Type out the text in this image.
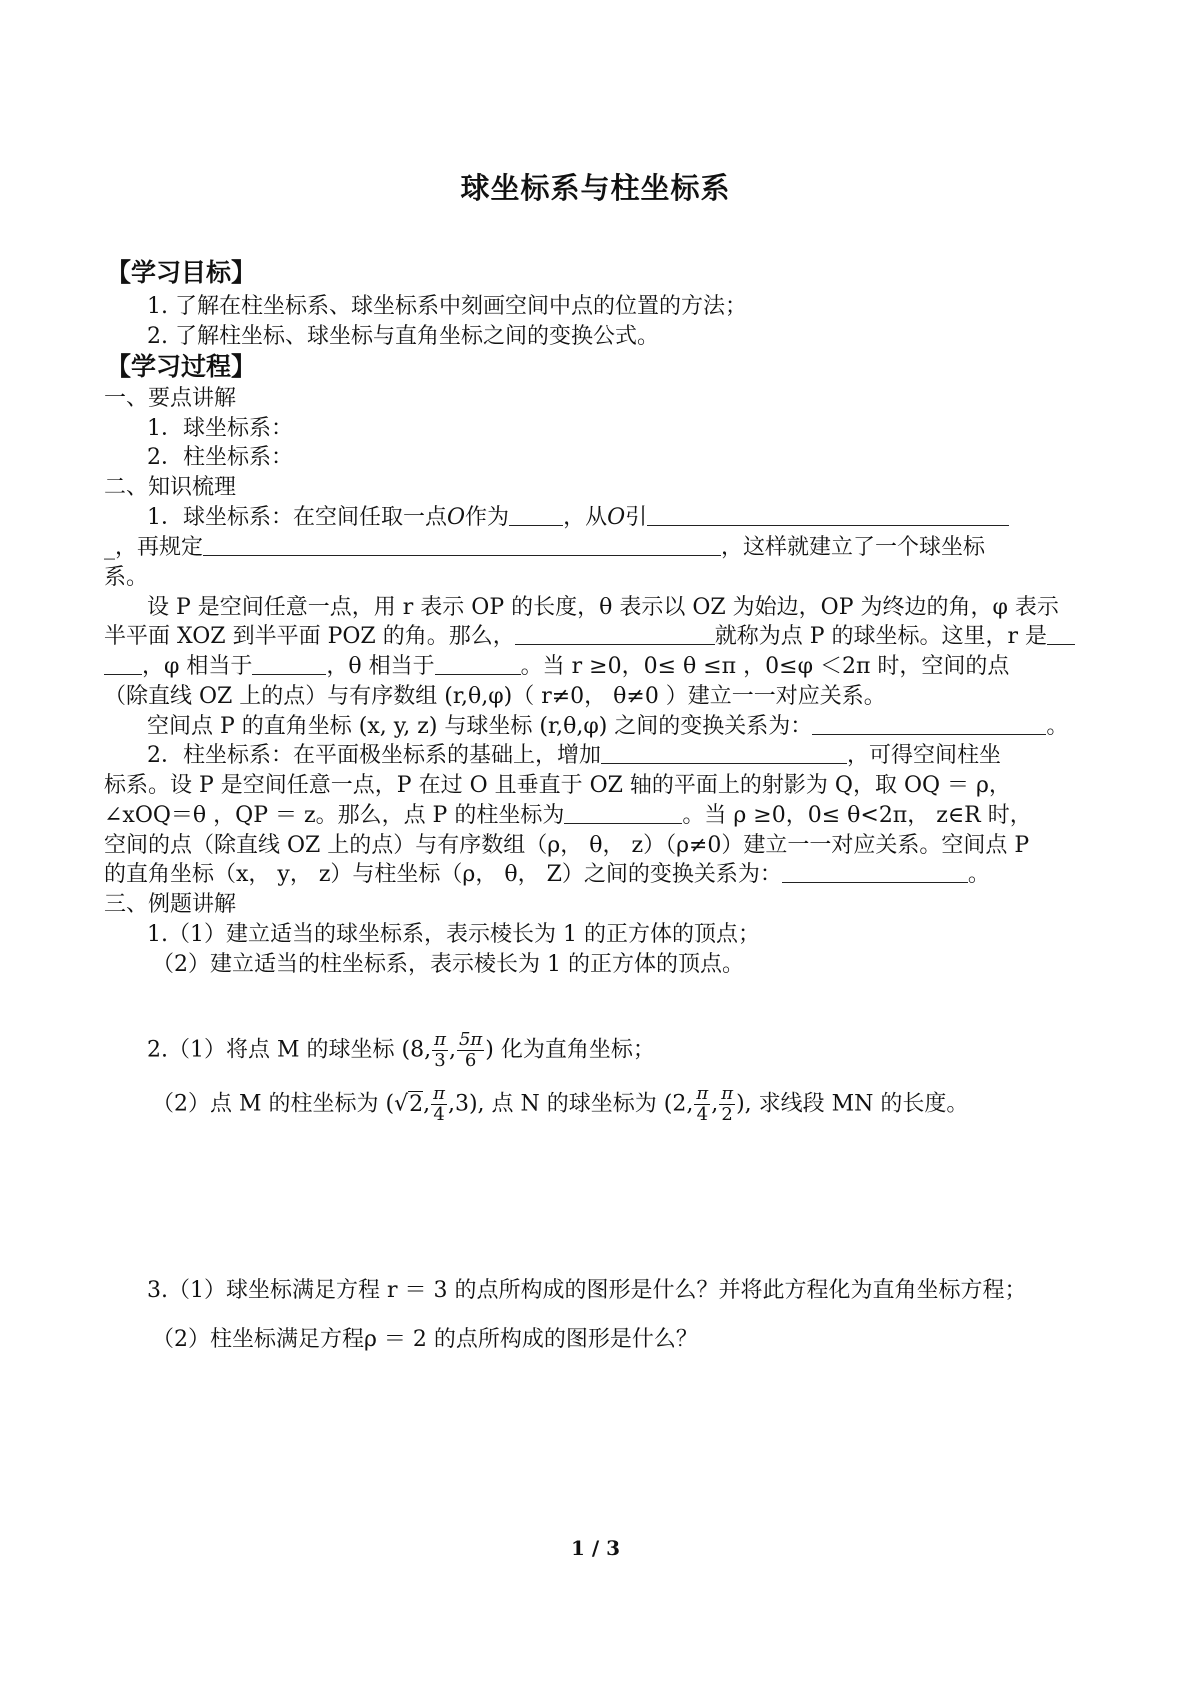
球坐标系与柱坐标系
【学习目标】
1. 了解在柱坐标系、球坐标系中刻画空间中点的位置的方法；
2. 了解柱坐标、球坐标与直角坐标之间的变换公式。
【学习过程】
一、要点讲解
1．球坐标系：
2．柱坐标系：
二、知识梳理
1．球坐标系：在空间任取一点O作为 ，从O引
_，再规定	，这样就建立了一个球坐标
系。
设 P 是空间任意一点，用 r 表示 OP 的长度，θ 表示以 OZ 为始边，OP 为终边的角，φ 表示
半平面 XOZ 到半平面 POZ 的角。那么，	就称为点 P 的球坐标。这里，r 是
，φ 相当于	，θ 相当于	。当 r ≥0，0≤ θ ≤π ，0≤φ ＜2π 时，空间的点
（除直线 OZ 上的点）与有序数组 (r,θ,φ)（ r≠0， θ≠0 ）建立一一对应关系。
空间点 P 的直角坐标 (x, y, z) 与球坐标 (r,θ,φ) 之间的变换关系为：	。
2．柱坐标系：在平面极坐标系的基础上，增加	，可得空间柱坐
标系。设 P 是空间任意一点，P 在过 O 且垂直于 OZ 轴的平面上的射影为 Q，取 OQ ＝ ρ，
∠xOQ＝θ ，QP ＝ z。那么，点 P 的柱坐标为	。当 ρ ≥0，0≤ θ<2π， z∈R 时，
空间的点（除直线 OZ 上的点）与有序数组（ρ， θ， z）（ρ≠0）建立一一对应关系。空间点 P
的直角坐标（x， y， z）与柱坐标（ρ， θ， Z）之间的变换关系为：	。
三、例题讲解
1.（1）建立适当的球坐标系，表示棱长为 1 的正方体的顶点；
（2）建立适当的柱坐标系，表示棱长为 1 的正方体的顶点。
2.（1）将点 M 的球坐标 (8, $\frac{\pi}{3}$ , $\frac{5\pi}{6}$ ) 化为直角坐标；
（2）点 M 的柱坐标为 (√2, $\frac{\pi}{4} ,3$), 点 N 的球坐标为 (2, $\frac{\pi}{4}$ , $\frac{\pi}{2}$ ), 求线段 MN 的长度。
3.（1）球坐标满足方程 r ＝ 3 的点所构成的图形是什么？并将此方程化为直角坐标方程；
（2）柱坐标满足方程ρ ＝ 2 的点所构成的图形是什么？
1 / 3
